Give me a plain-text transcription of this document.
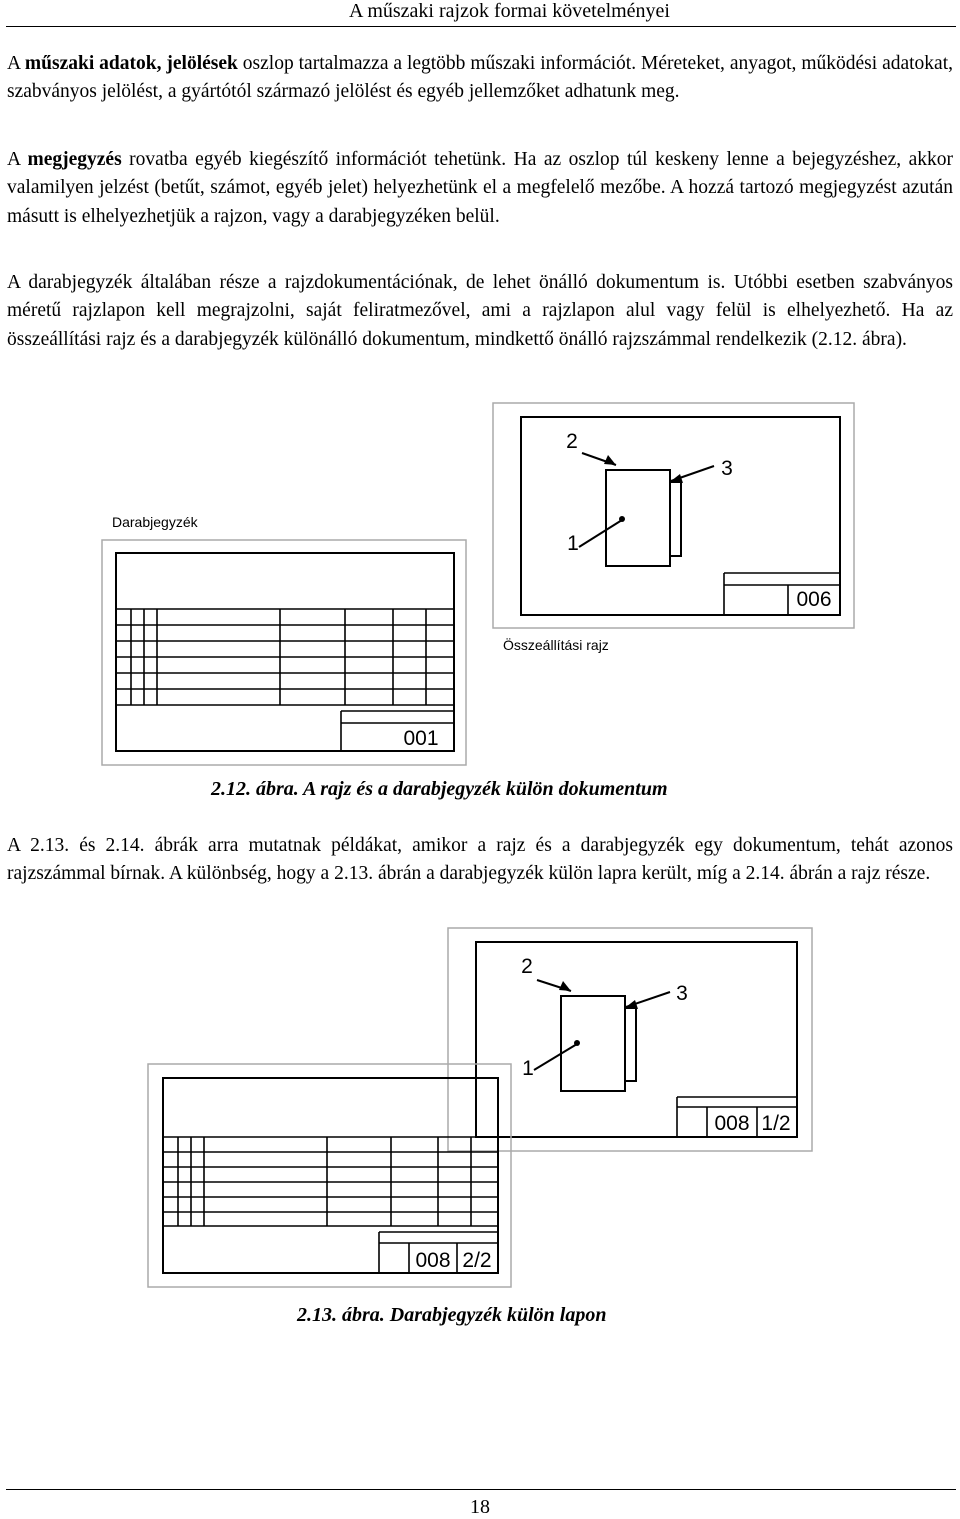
A műszaki rajzok formai követelményei

A műszaki adatok, jelölések oszlop tartalmazza a legtöbb műszaki információt. Méreteket, anyagot, működési adatokat, szabványos jelölést, a gyártótól származó jelölést és egyéb jellemzőket adhatunk meg.

A megjegyzés rovatba egyéb kiegészítő információt tehetünk. Ha az oszlop túl keskeny lenne a bejegyzéshez, akkor valamilyen jelzést (betűt, számot, egyéb jelet) helyezhetünk el a megfelelő mezőbe. A hozzá tartozó megjegyzést azután másutt is elhelyezhetjük a rajzon, vagy a darabjegyzéken belül.

A darabjegyzék általában része a rajzdokumentációnak, de lehet önálló dokumentum is. Utóbbi esetben szabványos méretű rajzlapon kell megrajzolni, saját feliratmezővel, ami a rajzlapon alul vagy felül is elhelyezhető. Ha az összeállítási rajz és a darabjegyzék különálló dokumentum, mindkettő önálló rajzszámmal rendelkezik (2.12. ábra).

Darabjegyzék
001
006
1
2
3
Összeállítási rajz
2.12. ábra. A rajz és a darabjegyzék külön dokumentum

A 2.13. és 2.14. ábrák arra mutatnak példákat, amikor a rajz és a darabjegyzék egy dokumentum, tehát azonos rajzszámmal bírnak. A különbség, hogy a 2.13. ábrán a darabjegyzék külön lapra került, míg a 2.14. ábrán a rajz része.

008 1/2
1
2
3
008 2/2
2.13. ábra. Darabjegyzék külön lapon
18
